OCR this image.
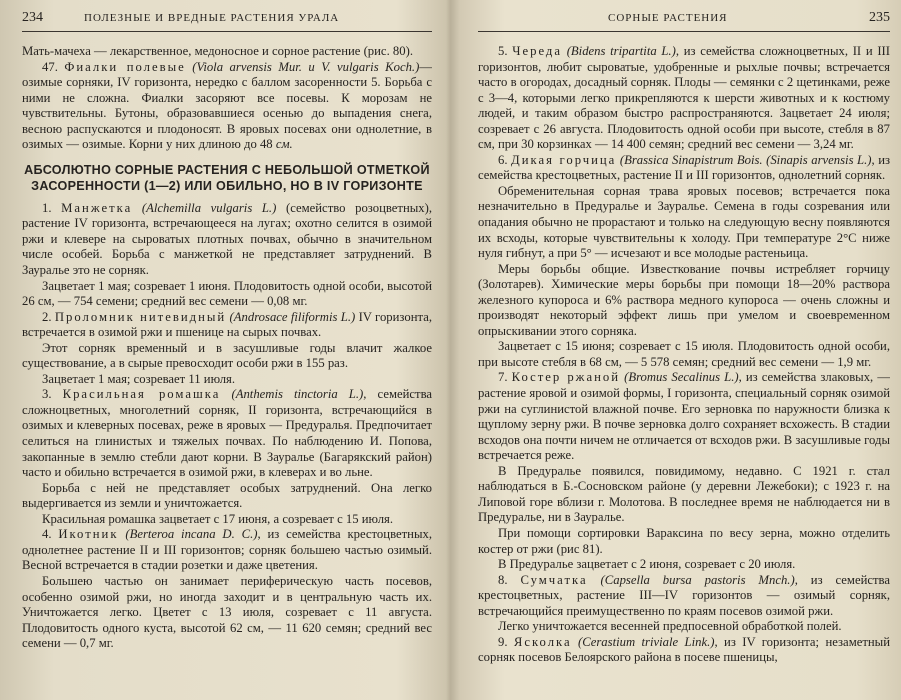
234	ПОЛЕЗНЫЕ И ВРЕДНЫЕ РАСТЕНИЯ УРАЛА

Мать-мачеха — лекарственное, медоносное и сорное растение (рис. 80).

47. Фиалки полевые (Viola arvensis Mur. и V. vulgaris Koch.)— озимые сорняки, IV горизонта, нередко с баллом засоренности 5. Борьба с ними не сложна. Фиалки засоряют все посевы. К морозам не чувствительны. Бутоны, образовавшиеся осенью до выпадения снега, весною распускаются и плодоносят. В яровых посевах они однолетние, в озимых — озимые. Корни у них длиною до 48 см.

АБСОЛЮТНО СОРНЫЕ РАСТЕНИЯ С НЕБОЛЬШОЙ ОТМЕТКОЙ ЗАСОРЕННОСТИ (1—2) ИЛИ ОБИЛЬНО, НО В IV ГОРИЗОНТЕ

1. Манжетка (Alchemilla vulgaris L.) (семейство розоцветных), растение IV горизонта, встречающееся на лугах; охотно селится в озимой ржи и клевере на сыроватых плотных почвах, обычно в значительном числе особей. Борьба с манжеткой не представляет затруднений. В Зауралье это не сорняк.

Зацветает 1 мая; созревает 1 июня. Плодовитость одной особи, высотой 26 см, — 754 семени; средний вес семени — 0,08 мг.

2. Проломник нитевидный (Androsace filiformis L.) IV горизонта, встречается в озимой ржи и пшенице на сырых почвах.

Этот сорняк временный и в засушливые годы влачит жалкое существование, а в сырые превосходит особи ржи в 155 раз.

Зацветает 1 мая; созревает 11 июля.

3. Красильная ромашка (Anthemis tinctoria L.), семейства сложноцветных, многолетний сорняк, II горизонта, встречающийся в озимых и клеверных посевах, реже в яровых — Предуралья. Предпочитает селиться на глинистых и тяжелых почвах. По наблюдению И. Попова, закопанные в землю стебли дают корни. В Зауралье (Багарякский район) часто и обильно встречается в озимой ржи, в клеверах и во льне.

Борьба с ней не представляет особых затруднений. Она легко выдергивается из земли и уничтожается.

Красильная ромашка зацветает с 17 июня, а созревает с 15 июля.

4. Икотник (Berteroa incana D. C.), из семейства крестоцветных, однолетнее растение II и III горизонтов; сорняк большею частью озимый. Весной встречается в стадии розетки и даже цветения.

Большею частью он занимает периферическую часть посевов, особенно озимой ржи, но иногда заходит и в центральную часть их. Уничтожается легко. Цветет с 13 июля, созревает с 11 августа. Плодовитость одного куста, высотой 62 см, — 11 620 семян; средний вес семени — 0,7 мг.

СОРНЫЕ РАСТЕНИЯ	235

5. Череда (Bidens tripartita L.), из семейства сложноцветных, II и III горизонтов, любит сыроватые, удобренные и рыхлые почвы; встречается часто в огородах, досадный сорняк. Плоды — семянки с 2 щетинками, реже с 3—4, которыми легко прикрепляются к шерсти животных и к костюму людей, и таким образом быстро распространяются. Зацветает 24 июля; созревает с 26 августа. Плодовитость одной особи при высоте, стебля в 87 см, при 30 корзинках — 14 400 семян; средний вес семени — 3,24 мг.

6. Дикая горчица (Brassica Sinapistrum Bois. (Sinapis arvensis L.), из семейства крестоцветных, растение II и III горизонтов, однолетний сорняк.

Обременительная сорная трава яровых посевов; встречается пока незначительно в Предуралье и Зауралье. Семена в годы созревания или опадания обычно не прорастают и только на следующую весну появляются их всходы, которые чувствительны к холоду. При температуре 2°С ниже нуля гибнут, а при 5° — исчезают и все молодые растеньица.

Меры борьбы общие. Известкование почвы истребляет горчицу (Золотарев). Химические меры борьбы при помощи 18—20% раствора железного купороса и 6% раствора медного купороса — очень сложны и производят некоторый эффект лишь при умелом и своевременном опрыскивании этого сорняка.

Зацветает с 15 июня; созревает с 15 июля. Плодовитость одной особи, при высоте стебля в 68 см, — 5 578 семян; средний вес семени — 1,9 мг.

7. Костер ржаной (Bromus Secalinus L.), из семейства злаковых, — растение яровой и озимой формы, I горизонта, специальный сорняк озимой ржи на суглинистой влажной почве. Его зерновка по наружности близка к щуплому зерну ржи. В почве зерновка долго сохраняет всхожесть. В стадии всходов она почти ничем не отличается от всходов ржи. В засушливые годы встречается реже.

В Предуралье появился, повидимому, недавно. С 1921 г. стал наблюдаться в Б.-Сосновском районе (у деревни Лежебоки); с 1923 г. на Липовой горе вблизи г. Молотова. В последнее время не наблюдается ни в Предуралье, ни в Зауралье.

При помощи сортировки Варaксина по весу зерна, можно отделить костер от ржи (рис 81).

В Предуралье зацветает с 2 июня, созревает с 20 июля.

8. Сумчатка (Capsella bursa pastoris Mnch.), из семейства крестоцветных, растение III—IV горизонтов — озимый сорняк, встречающийся преимущественно по краям посевов озимой ржи.

Легко уничтожается весенней предпосевной обработкой полей.

9. Ясколка (Cerastium triviale Link.), из IV горизонта; незаметный сорняк посевов Белоярского района в посеве пшеницы,
